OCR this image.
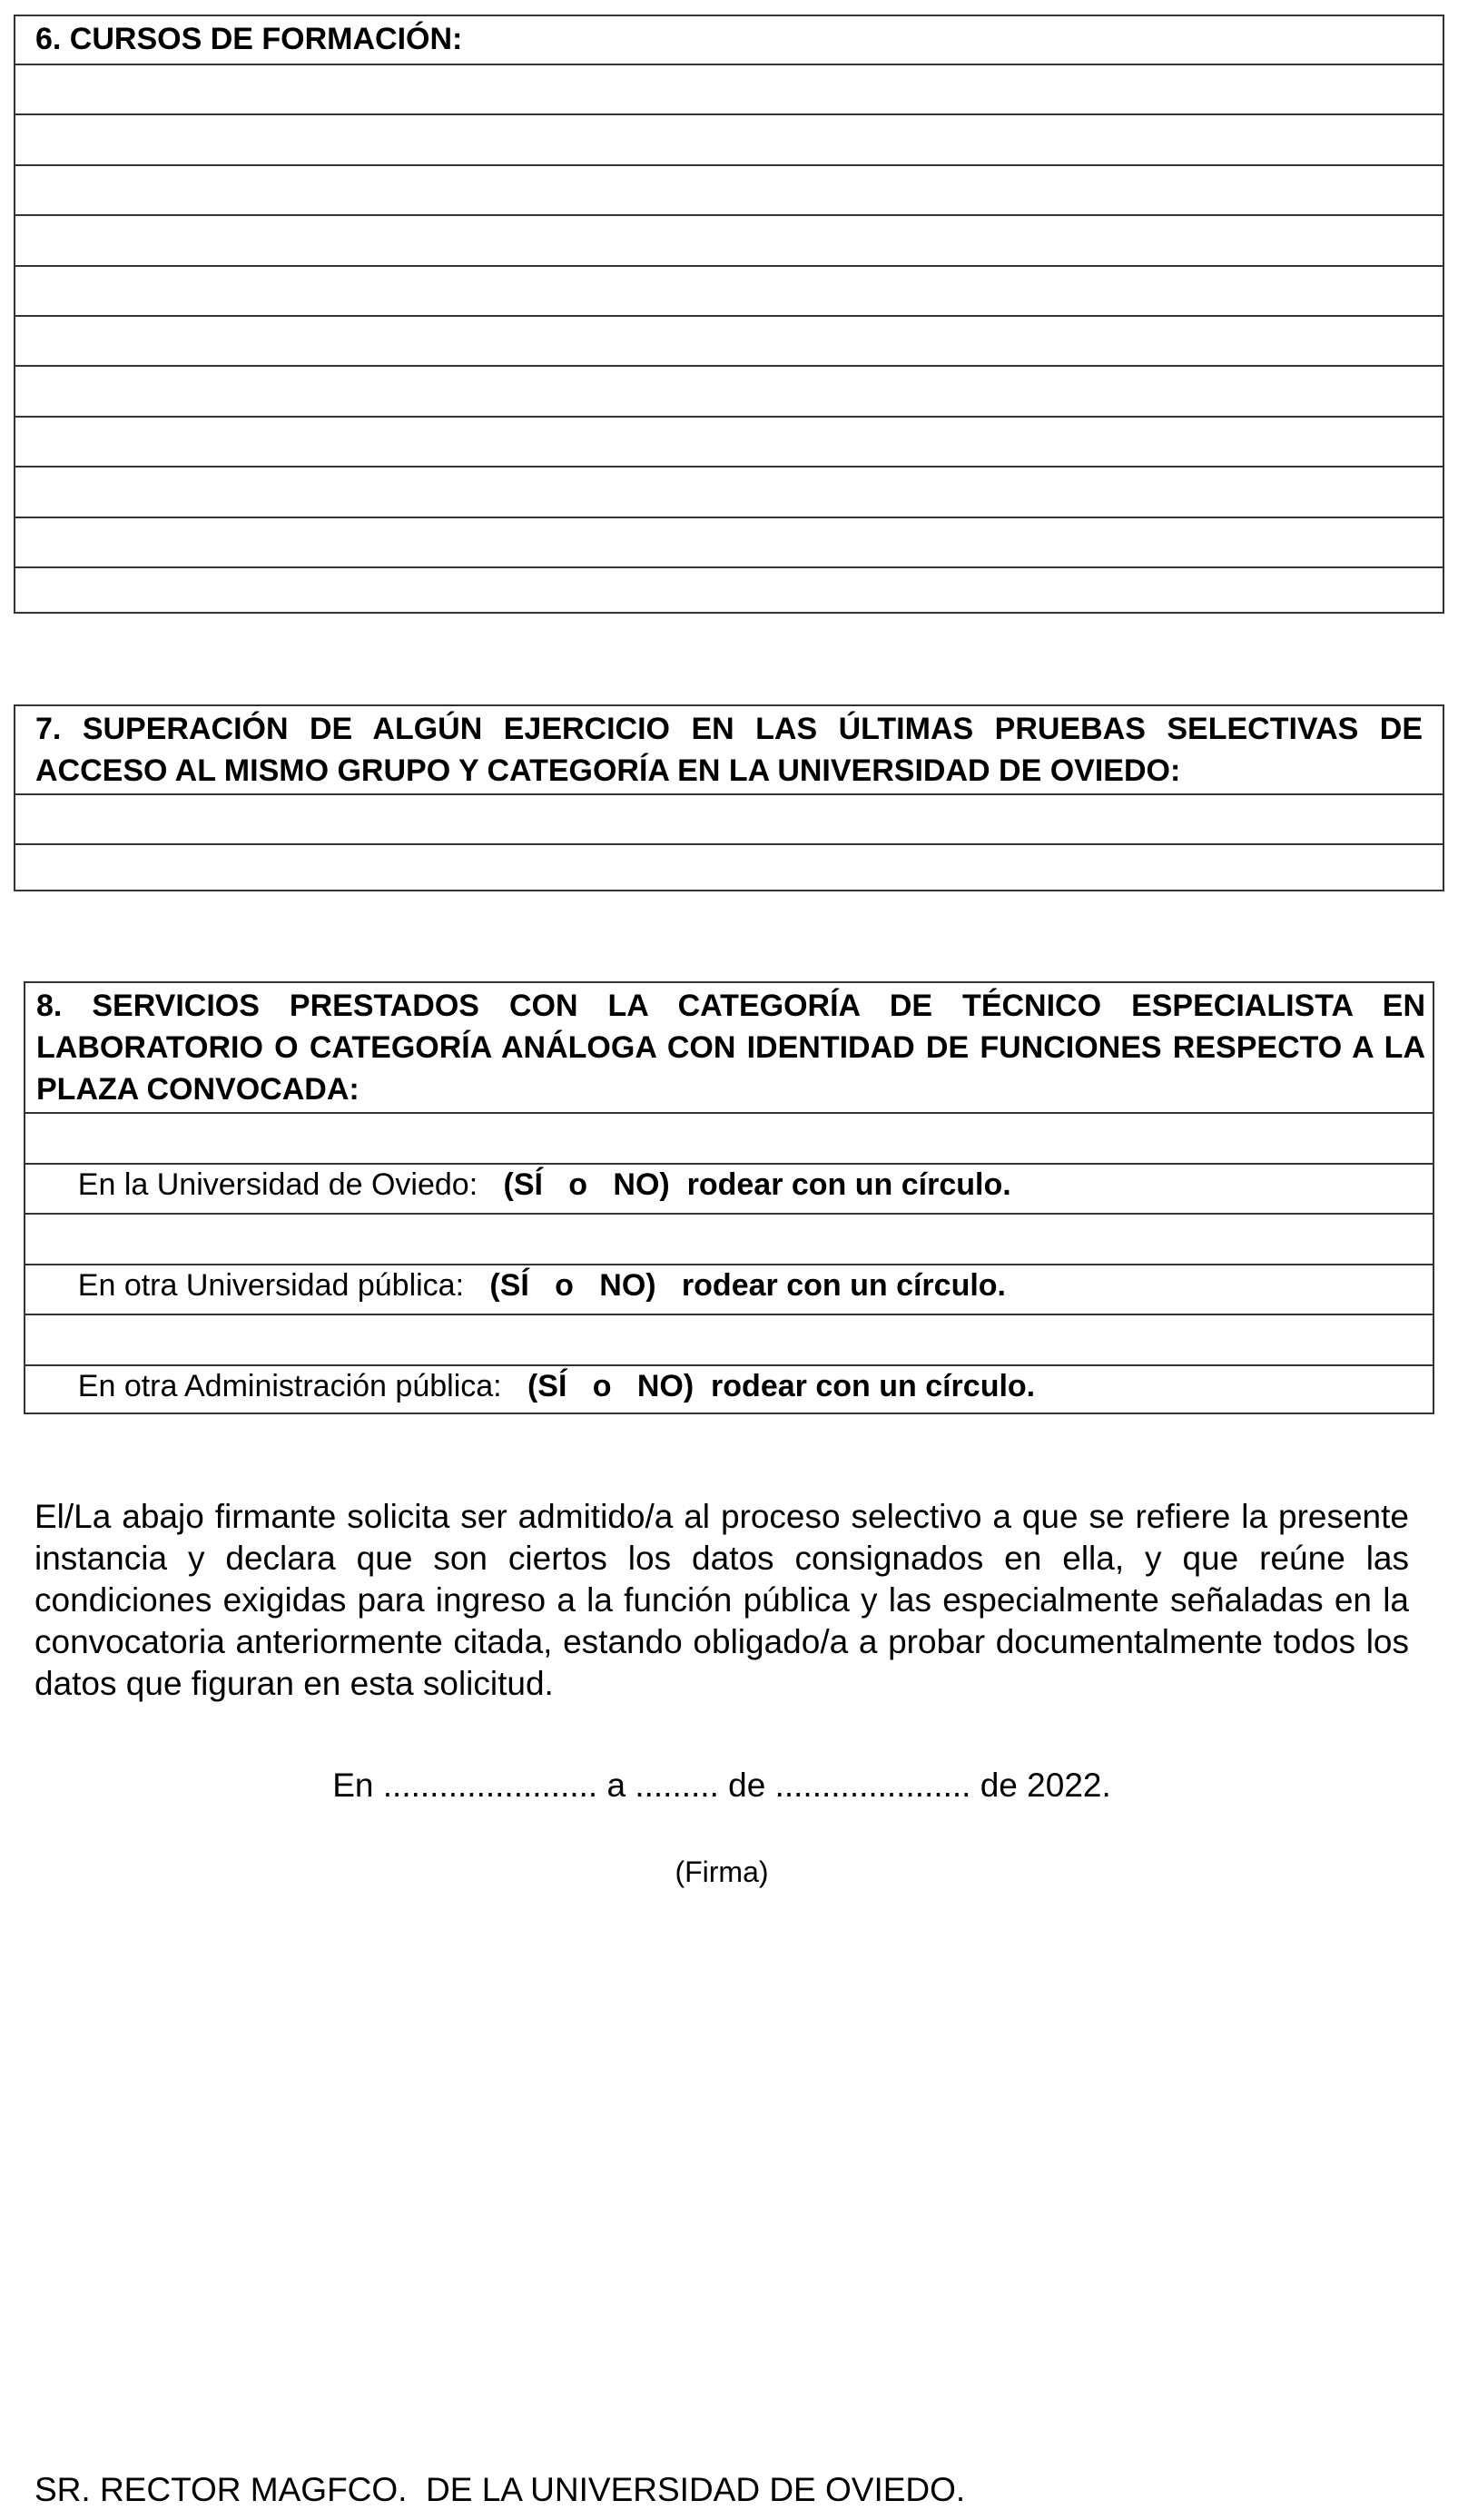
6. CURSOS DE FORMACIÓN:
7. SUPERACIÓN DE ALGÚN EJERCICIO EN LAS ÚLTIMAS PRUEBAS SELECTIVAS DE ACCESO AL MISMO GRUPO Y CATEGORÍA EN LA UNIVERSIDAD DE OVIEDO:
8. SERVICIOS PRESTADOS CON LA CATEGORÍA DE TÉCNICO ESPECIALISTA EN LABORATORIO O CATEGORÍA ANÁLOGA CON IDENTIDAD DE FUNCIONES RESPECTO A LA PLAZA CONVOCADA:

En la Universidad de Oviedo:   (SÍ   o   NO)  rodear con un círculo.

En otra Universidad pública:   (SÍ   o   NO)   rodear con un círculo.

En otra Administración pública:   (SÍ   o   NO)  rodear con un círculo.

El/La abajo firmante solicita ser admitido/a al proceso selectivo a que se refiere la presente instancia y declara que son ciertos los datos consignados en ella, y que reúne las condiciones exigidas para ingreso a la función pública y las especialmente señaladas en la convocatoria anteriormente citada, estando obligado/a a probar documentalmente todos los datos que figuran en esta solicitud.
En ....................... a ......... de ..................... de 2022.
(Firma)
SR. RECTOR MAGFCO.  DE LA UNIVERSIDAD DE OVIEDO.
